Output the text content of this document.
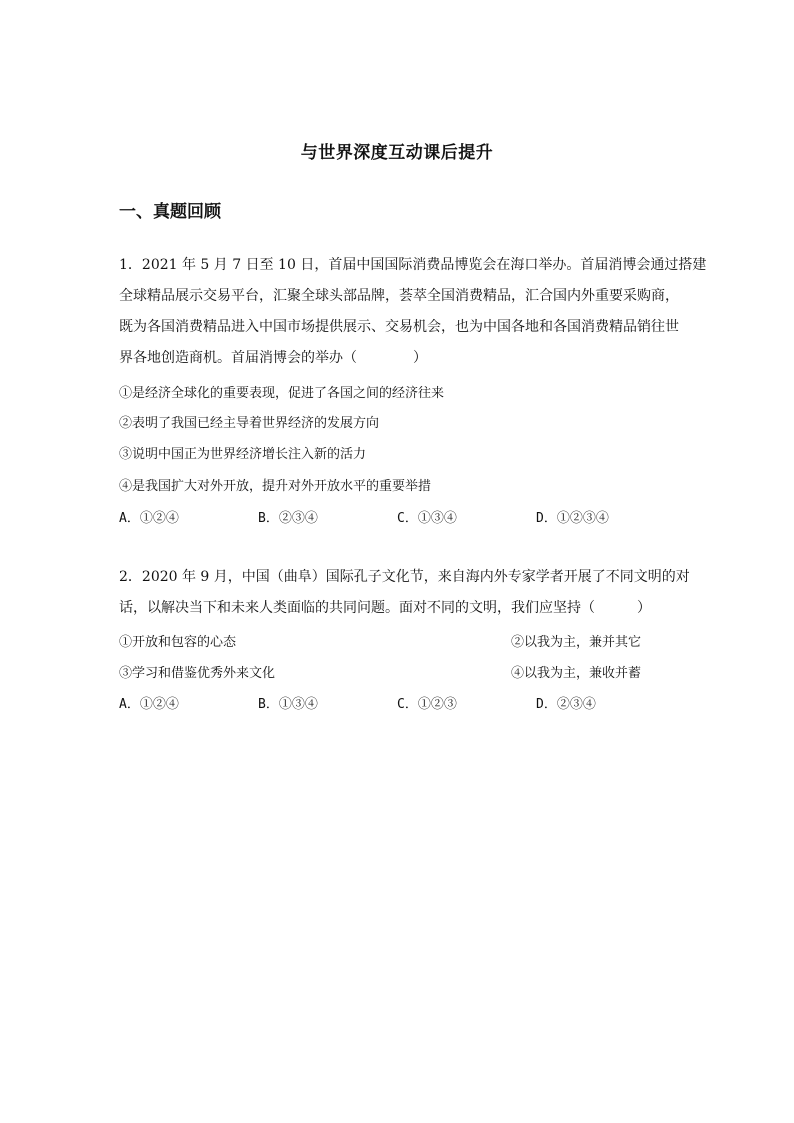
与世界深度互动课后提升
一、真题回顾
1．2021 年 5 月 7 日至 10 日，首届中国国际消费品博览会在海口举办。首届消博会通过搭建
全球精品展示交易平台，汇聚全球头部品牌，荟萃全国消费精品，汇合国内外重要采购商，
既为各国消费精品进入中国市场提供展示、交易机会，也为中国各地和各国消费精品销往世
界各地创造商机。首届消博会的举办（　　　　）
①是经济全球化的重要表现，促进了各国之间的经济往来
②表明了我国已经主导着世界经济的发展方向
③说明中国正为世界经济增长注入新的活力
④是我国扩大对外开放，提升对外开放水平的重要举措
A．①②④	B．②③④	C．①③④	D．①②③④
2．2020 年 9 月，中国（曲阜）国际孔子文化节，来自海内外专家学者开展了不同文明的对
话，以解决当下和未来人类面临的共同问题。面对不同的文明，我们应坚持（　　　）
①开放和包容的心态	②以我为主，兼并其它
③学习和借鉴优秀外来文化	④以我为主，兼收并蓄
A．①②④	B．①③④	C．①②③	D．②③④
